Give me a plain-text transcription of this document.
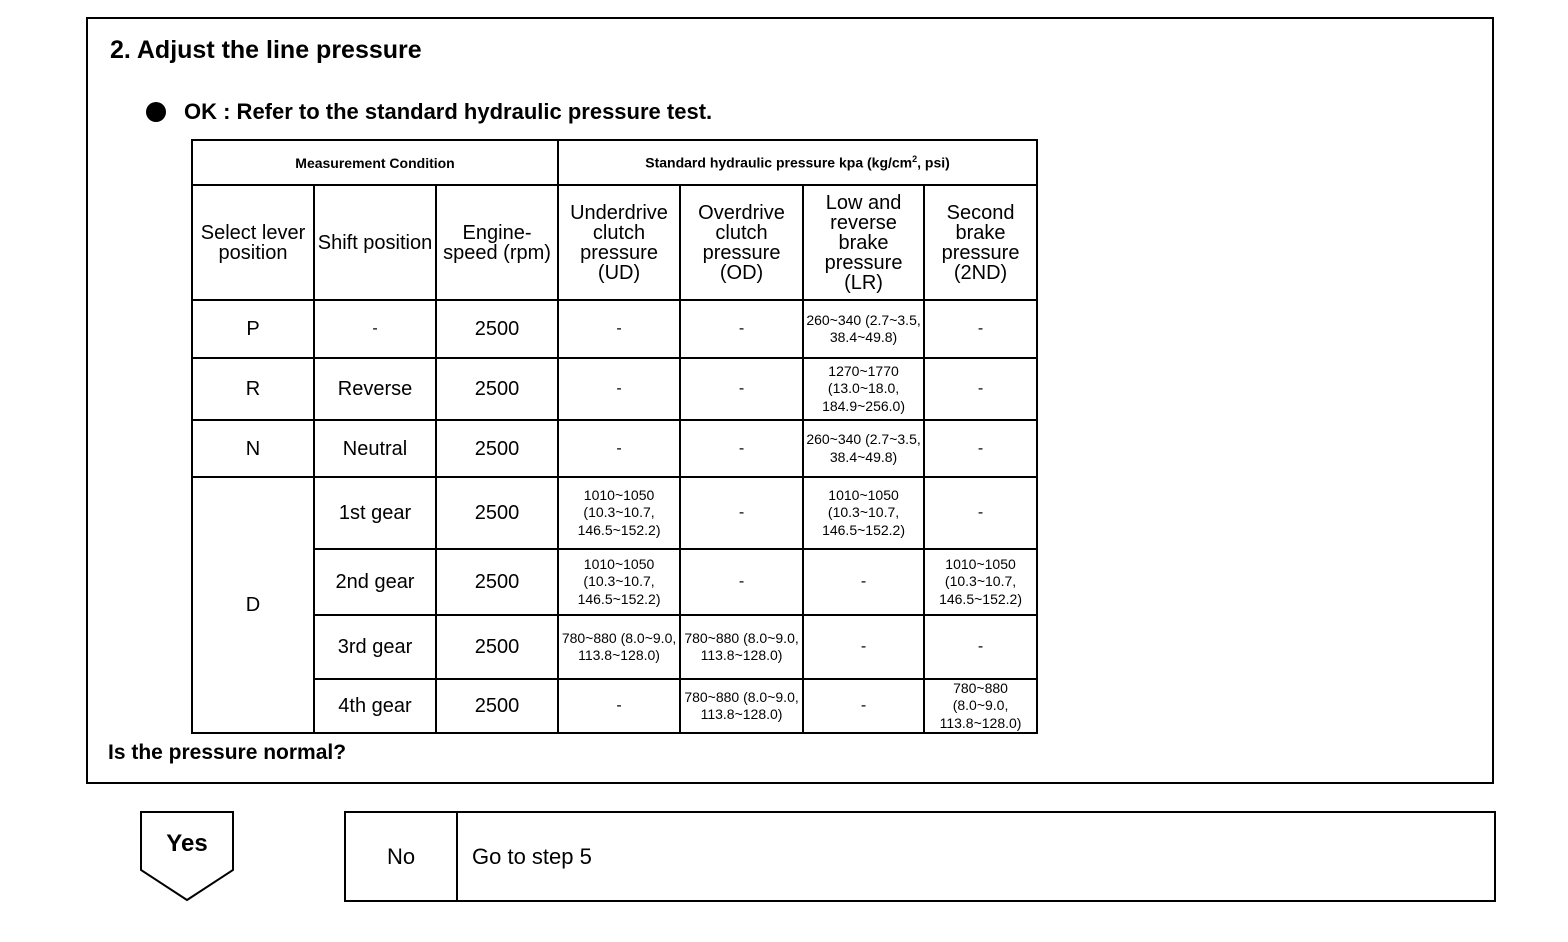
2. Adjust the line pressure
OK : Refer to the standard hydraulic pressure test.
Measurement Condition			Standard hydraulic pressure kpa ($kg/cm^2$, psi)			
Select lever position	Shift position	Engine-speed (rpm)	Underdrive clutch pressure (UD)	Overdrive clutch pressure (OD)	Low and reverse brake pressure (LR)	Second brake pressure (2ND)
P	-	2500	-	-	260~340 (2.7~3.5, 38.4~49.8)	-
R	Reverse	2500	-	-	1270~1770 (13.0~18.0, 184.9~256.0)	-
N	Neutral	2500	-	-	260~340 (2.7~3.5, 38.4~49.8)	-
D	1st gear	2500	1010~1050 (10.3~10.7, 146.5~152.2)	-	1010~1050 (10.3~10.7, 146.5~152.2)	-
	2nd gear	2500	1010~1050 (10.3~10.7, 146.5~152.2)	-	-	1010~1050 (10.3~10.7, 146.5~152.2)
	3rd gear	2500	780~880 (8.0~9.0, 113.8~128.0)	780~880 (8.0~9.0, 113.8~128.0)	-	-
	4th gear	2500	-	780~880 (8.0~9.0, 113.8~128.0)	-	780~880 (8.0~9.0, 113.8~128.0)
Is the pressure normal?
Yes	No	Go to step 5
